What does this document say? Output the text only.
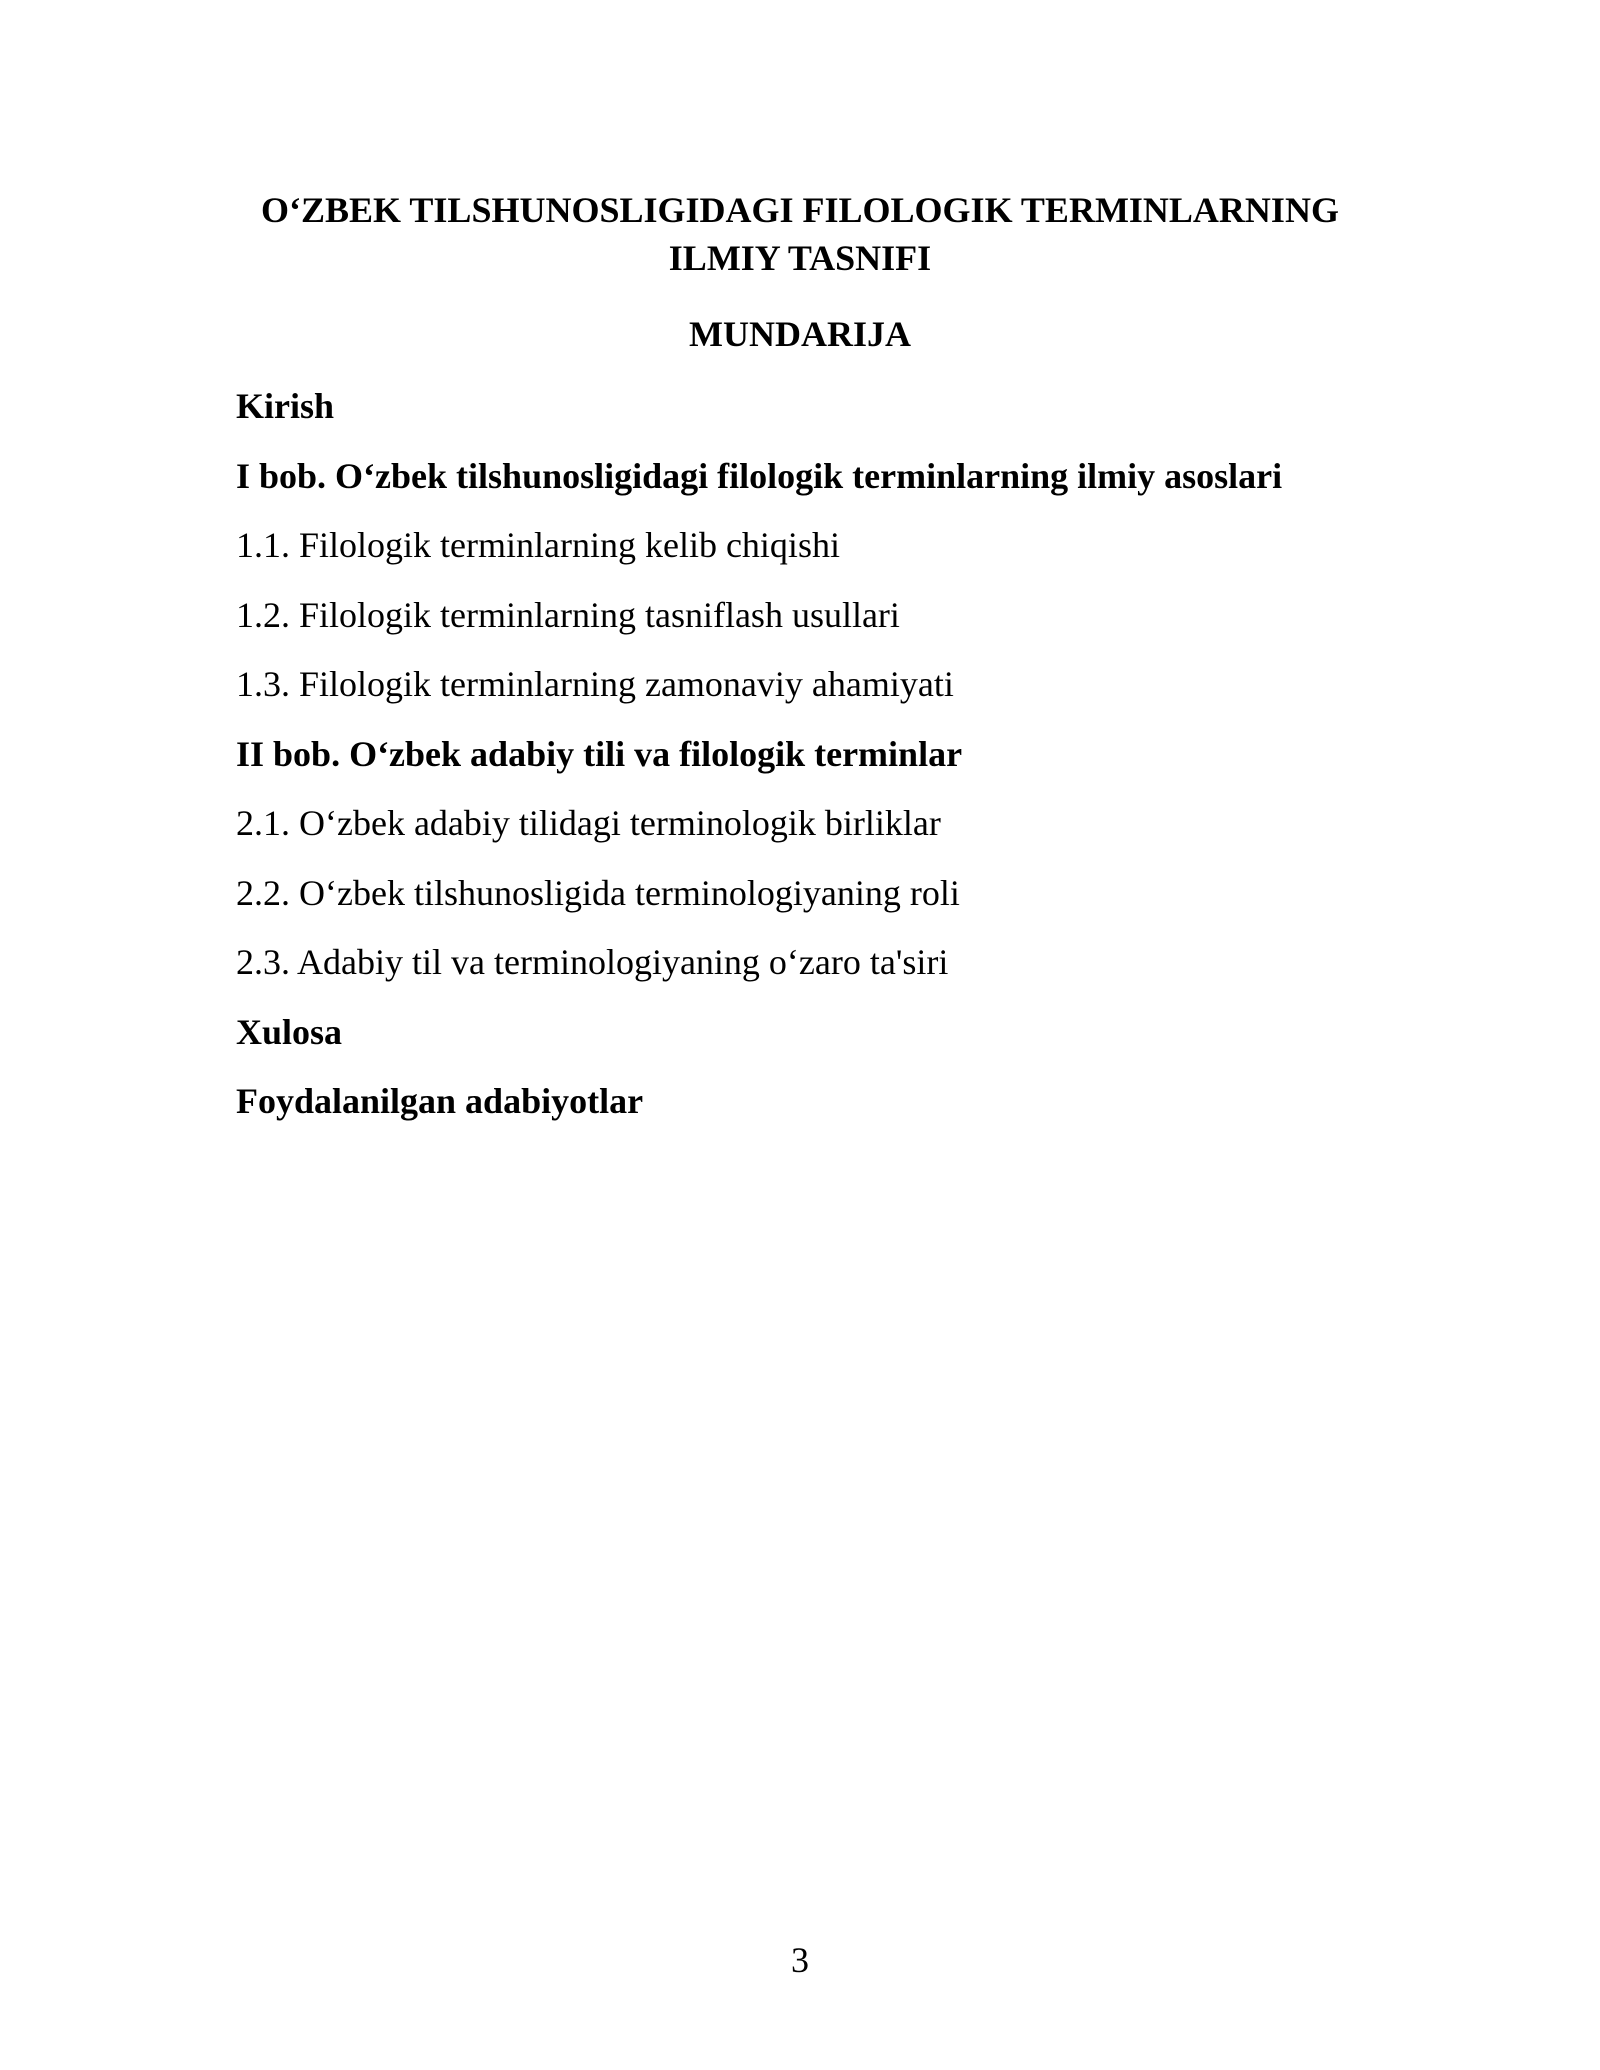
O‘ZBEK TILSHUNOSLIGIDAGI FILOLOGIK TERMINLARNING
ILMIY TASNIFI
MUNDARIJA
Kirish
I bob. O‘zbek tilshunosligidagi filologik terminlarning ilmiy asoslari
1.1. Filologik terminlarning kelib chiqishi
1.2. Filologik terminlarning tasniflash usullari
1.3. Filologik terminlarning zamonaviy ahamiyati
II bob. O‘zbek adabiy tili va filologik terminlar
2.1. O‘zbek adabiy tilidagi terminologik birliklar
2.2. O‘zbek tilshunosligida terminologiyaning roli
2.3. Adabiy til va terminologiyaning o‘zaro ta'siri
Xulosa
Foydalanilgan adabiyotlar
3
